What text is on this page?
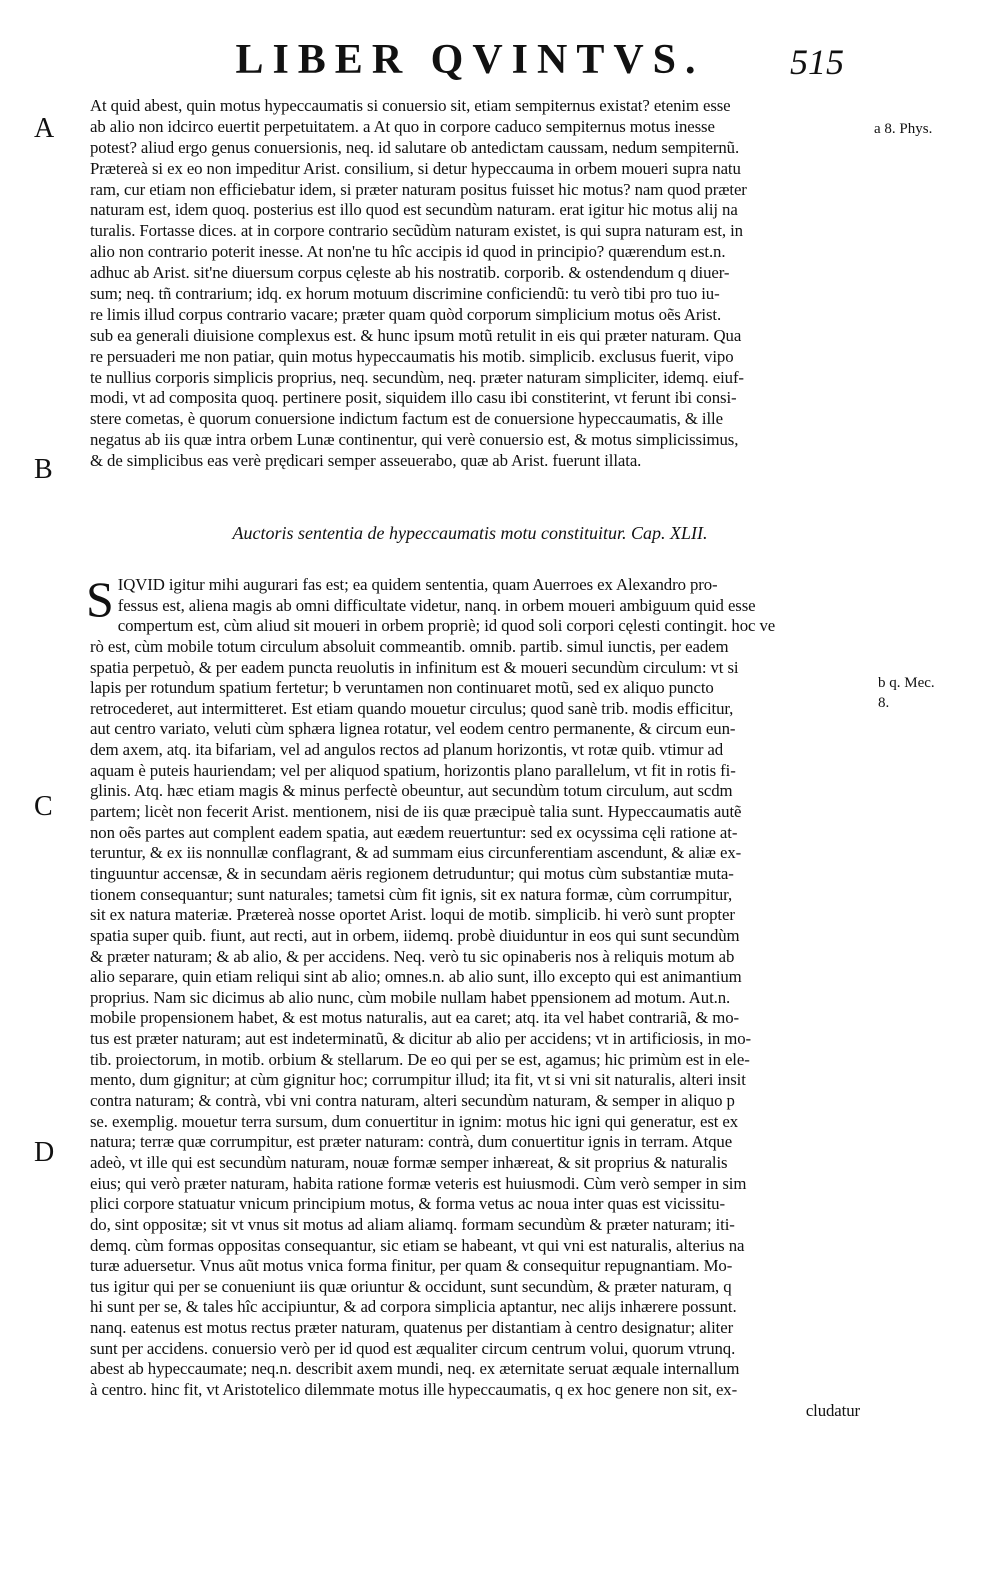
LIBER QVINTVS.	515
A
B
C
D
a 8. Phys.
b q. Mec.
8.
At quid abest, quin motus hypeccaumatis si conuersio sit, etiam sempiternus existat? etenim esse
ab alio non idcirco euertit perpetuitatem. a At quo in corpore caduco sempiternus motus inesse
potest? aliud ergo genus conuersionis, neq. id salutare ob antedictam caussam, nedum sempiternũ.
Prætereà si ex eo non impeditur Arist. consilium, si detur hypeccauma in orbem moueri supra natu
ram, cur etiam non efficiebatur idem, si præter naturam positus fuisset hic motus? nam quod præter
naturam est, idem quoq. posterius est illo quod est secundùm naturam. erat igitur hic motus alij na
turalis. Fortasse dices. at in corpore contrario secũdùm naturam existet, is qui supra naturam est, in
alio non contrario poterit inesse. At non'ne tu hîc accipis id quod in principio? quærendum est.n.
adhuc ab Arist. sit'ne diuersum corpus cęleste ab his nostratib. corporib. & ostendendum q diuer-
sum; neq. tñ contrarium; idq. ex horum motuum discrimine conficiendũ: tu verò tibi pro tuo iu-
re limis illud corpus contrario vacare; præter quam quòd corporum simplicium motus oẽs Arist.
sub ea generali diuisione complexus est. & hunc ipsum motũ retulit in eis qui præter naturam. Qua
re persuaderi me non patiar, quin motus hypeccaumatis his motib. simplicib. exclusus fuerit, vipo
te nullius corporis simplicis proprius, neq. secundùm, neq. præter naturam simpliciter, idemq. eiuf-
modi, vt ad composita quoq. pertinere posit, siquidem illo casu ibi constiterint, vt ferunt ibi consi-
stere cometas, è quorum conuersione indictum factum est de conuersione hypeccaumatis, & ille
negatus ab iis quæ intra orbem Lunæ continentur, qui verè conuersio est, & motus simplicissimus,
& de simplicibus eas verè prędicari semper asseuerabo, quæ ab Arist. fuerunt illata.
Auctoris sententia de hypeccaumatis motu constituitur. Cap. XLII.
S IQVID igitur mihi augurari fas est; ea quidem sententia, quam Auerroes ex Alexandro pro-
fessus est, aliena magis ab omni difficultate videtur, nanq. in orbem moueri ambiguum quid esse
compertum est, cùm aliud sit moueri in orbem propriè; id quod soli corpori cęlesti contingit. hoc ve
rò est, cùm mobile totum circulum absoluit commeantib. omnib. partib. simul iunctis, per eadem
spatia perpetuò, & per eadem puncta reuolutis in infinitum est & moueri secundùm circulum: vt si
lapis per rotundum spatium fertetur; b veruntamen non continuaret motũ, sed ex aliquo puncto
retrocederet, aut intermitteret. Est etiam quando mouetur circulus; quod sanè trib. modis efficitur,
aut centro variato, veluti cùm sphæra lignea rotatur, vel eodem centro permanente, & circum eun-
dem axem, atq. ita bifariam, vel ad angulos rectos ad planum horizontis, vt rotæ quib. vtimur ad
aquam è puteis hauriendam; vel per aliquod spatium, horizontis plano parallelum, vt fit in rotis fi-
glinis. Atq. hæc etiam magis & minus perfectè obeuntur, aut secundùm totum circulum, aut scdm
partem; licèt non fecerit Arist. mentionem, nisi de iis quæ præcipuè talia sunt. Hypeccaumatis autẽ
non oẽs partes aut complent eadem spatia, aut eædem reuertuntur: sed ex ocyssima cęli ratione at-
teruntur, & ex iis nonnullæ conflagrant, & ad summam eius circunferentiam ascendunt, & aliæ ex-
tinguuntur accensæ, & in secundam aëris regionem detruduntur; qui motus cùm substantiæ muta-
tionem consequantur; sunt naturales; tametsi cùm fit ignis, sit ex natura formæ, cùm corrumpitur,
sit ex natura materiæ. Prætereà nosse oportet Arist. loqui de motib. simplicib. hi verò sunt propter
spatia super quib. fiunt, aut recti, aut in orbem, iidemq. probè diuiduntur in eos qui sunt secundùm
& præter naturam; & ab alio, & per accidens. Neq. verò tu sic opinaberis nos à reliquis motum ab
alio separare, quin etiam reliqui sint ab alio; omnes.n. ab alio sunt, illo excepto qui est animantium
proprius. Nam sic dicimus ab alio nunc, cùm mobile nullam habet ppensionem ad motum. Aut.n.
mobile propensionem habet, & est motus naturalis, aut ea caret; atq. ita vel habet contrariã, & mo-
tus est præter naturam; aut est indeterminatũ, & dicitur ab alio per accidens; vt in artificiosis, in mo-
tib. proiectorum, in motib. orbium & stellarum. De eo qui per se est, agamus; hic primùm est in ele-
mento, dum gignitur; at cùm gignitur hoc; corrumpitur illud; ita fit, vt si vni sit naturalis, alteri insit
contra naturam; & contrà, vbi vni contra naturam, alteri secundùm naturam, & semper in aliquo p
se. exemplig. mouetur terra sursum, dum conuertitur in ignim: motus hic igni qui generatur, est ex
natura; terræ quæ corrumpitur, est præter naturam: contrà, dum conuertitur ignis in terram. Atque
adeò, vt ille qui est secundùm naturam, nouæ formæ semper inhæreat, & sit proprius & naturalis
eius; qui verò præter naturam, habita ratione formæ veteris est huiusmodi. Cùm verò semper in sim
plici corpore statuatur vnicum principium motus, & forma vetus ac noua inter quas est vicissitu-
do, sint oppositæ; sit vt vnus sit motus ad aliam aliamq. formam secundùm & præter naturam; iti-
demq. cùm formas oppositas consequantur, sic etiam se habeant, vt qui vni est naturalis, alterius na
turæ aduersetur. Vnus aũt motus vnica forma finitur, per quam & consequitur repugnantiam. Mo-
tus igitur qui per se conueniunt iis quæ oriuntur & occidunt, sunt secundùm, & præter naturam, q
hi sunt per se, & tales hîc accipiuntur, & ad corpora simplicia aptantur, nec alijs inhærere possunt.
nanq. eatenus est motus rectus præter naturam, quatenus per distantiam à centro designatur; aliter
sunt per accidens. conuersio verò per id quod est æqualiter circum centrum volui, quorum vtrunq.
abest ab hypeccaumate; neq.n. describit axem mundi, neq. ex æternitate seruat æquale internallum
à centro. hinc fit, vt Aristotelico dilemmate motus ille hypeccaumatis, q ex hoc genere non sit, ex-
cludatur
